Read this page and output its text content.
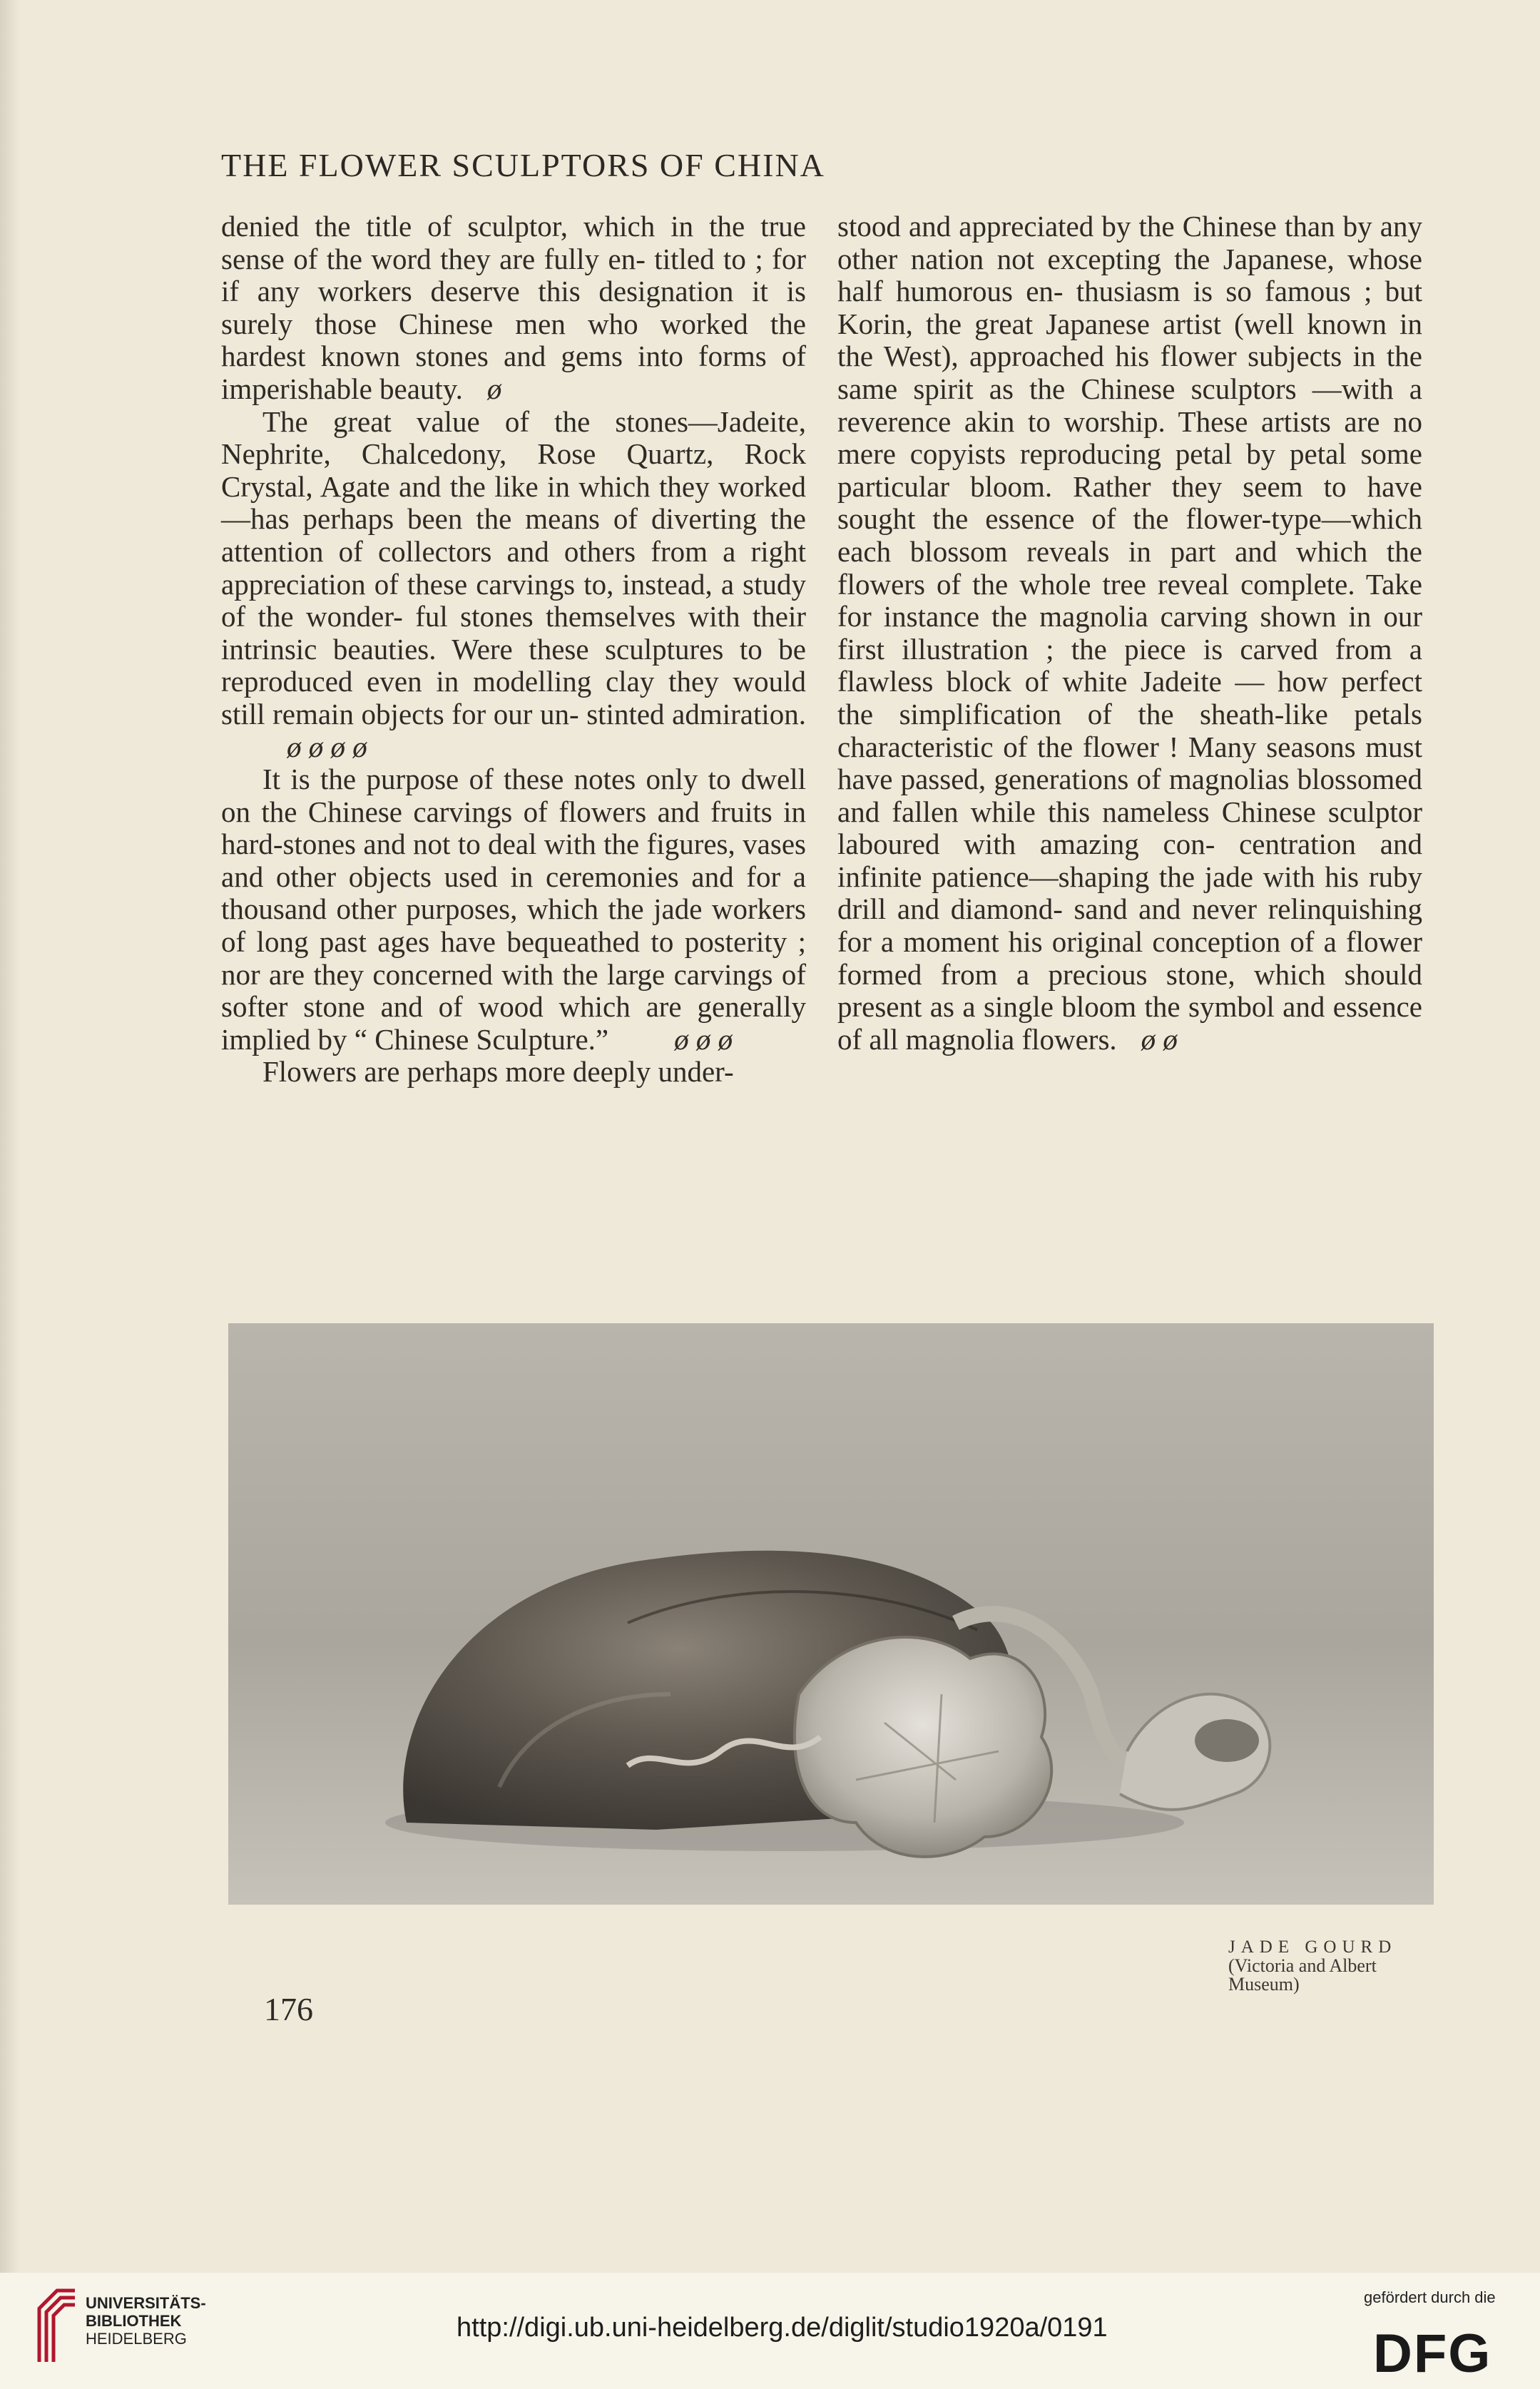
THE FLOWER SCULPTORS OF CHINA

denied the title of sculptor, which in the true sense of the word they are fully en- titled to ; for if any workers deserve this designation it is surely those Chinese men who worked the hardest known stones and gems into forms of imperishable beauty. ø

The great value of the stones—Jadeite, Nephrite, Chalcedony, Rose Quartz, Rock Crystal, Agate and the like in which they worked—has perhaps been the means of diverting the attention of collectors and others from a right appreciation of these carvings to, instead, a study of the wonder- ful stones themselves with their intrinsic beauties. Were these sculptures to be reproduced even in modelling clay they would still remain objects for our un- stinted admiration.ø ø ø ø

It is the purpose of these notes only to dwell on the Chinese carvings of flowers and fruits in hard-stones and not to deal with the figures, vases and other objects used in ceremonies and for a thousand other purposes, which the jade workers of long past ages have bequeathed to posterity ; nor are they concerned with the large carvings of softer stone and of wood which are generally implied by “ Chinese Sculpture.” ø ø ø

Flowers are perhaps more deeply under-

stood and appreciated by the Chinese than by any other nation not excepting the Japanese, whose half humorous en- thusiasm is so famous ; but Korin, the great Japanese artist (well known in the West), approached his flower subjects in the same spirit as the Chinese sculptors —with a reverence akin to worship. These artists are no mere copyists reproducing petal by petal some particular bloom. Rather they seem to have sought the essence of the flower-type—which each blossom reveals in part and which the flowers of the whole tree reveal complete. Take for instance the magnolia carving shown in our first illustration ; the piece is carved from a flawless block of white Jadeite — how perfect the simplification of the sheath-like petals characteristic of the flower ! Many seasons must have passed, generations of magnolias blossomed and fallen while this nameless Chinese sculptor laboured with amazing con- centration and infinite patience—shaping the jade with his ruby drill and diamond- sand and never relinquishing for a moment his original conception of a flower formed from a precious stone, which should present as a single bloom the symbol and essence of all magnolia flowers. ø ø

JADE GOURD
(Victoria and Albert
Museum)
176
UNIVERSITÄTS-
BIBLIOTHEK
HEIDELBERG	http://digi.ub.uni-heidelberg.de/diglit/studio1920a/0191
gefördert durch die
DFG
